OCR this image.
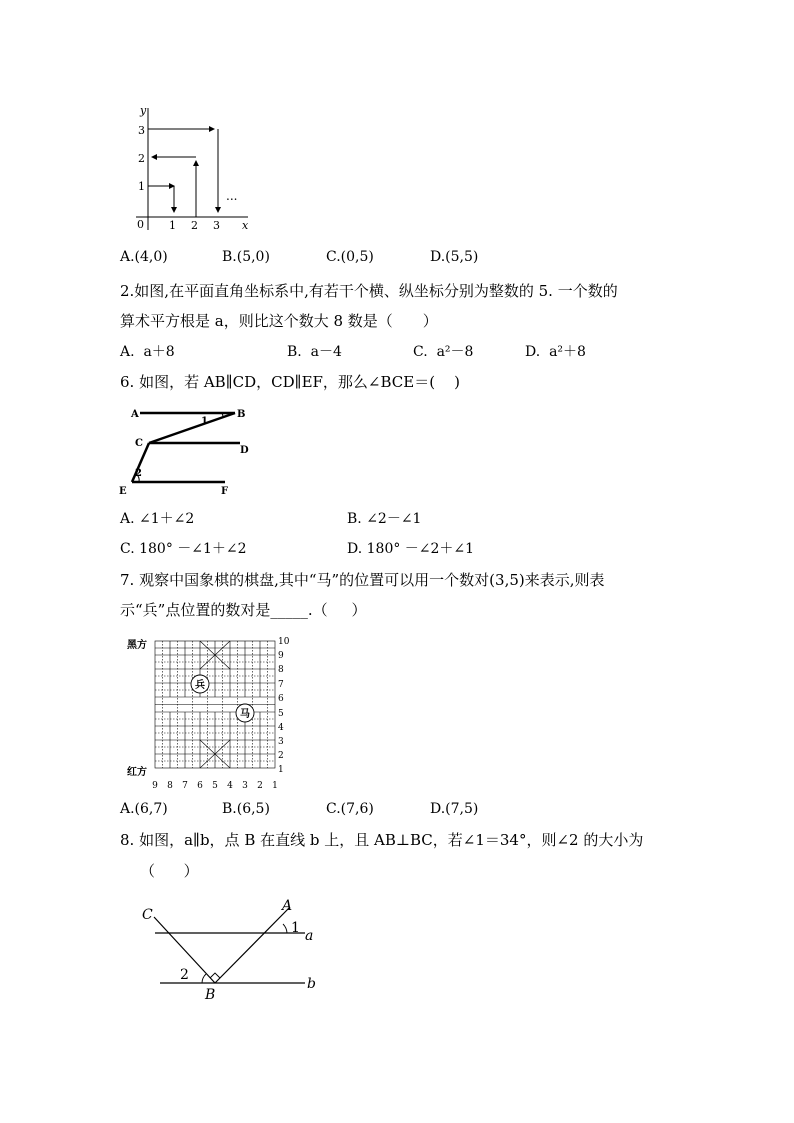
y
x
0 1 2 3
1
2
3
...
A.(4,0)	B.(5,0)	C.(0,5)	D.(5,5)
2.如图,在平面直角坐标系中,有若干个横、纵坐标分别为整数的 5. 一个数的
算术平方根是 a，则比这个数大 8 数是（　　）
A.  a＋8	B.  a－4	C.  a²－8	D.  a²＋8
6. 如图，若 AB∥CD，CD∥EF，那么∠BCE＝(    )
A	B
C
D
E	F
1
2
A. ∠1＋∠2	B. ∠2－∠1
C. 180° －∠1＋∠2	D. 180° －∠2＋∠1
7. 观察中国象棋的棋盘,其中“马”的位置可以用一个数对(3,5)来表示,则表
示“兵”点位置的数对是_____.（     ）
兵
马
黑方
红方
10
9
8
7
6
5
4
3
2
1
9 8 7 6 5 4 3 2 1
A.(6,7)	B.(6,5)	C.(7,6)	D.(7,5)
8. 如图，a∥b，点 B 在直线 b 上，且 AB⊥BC，若∠1＝34°，则∠2 的大小为
（      ）
C
A
a
b
B
1
2
